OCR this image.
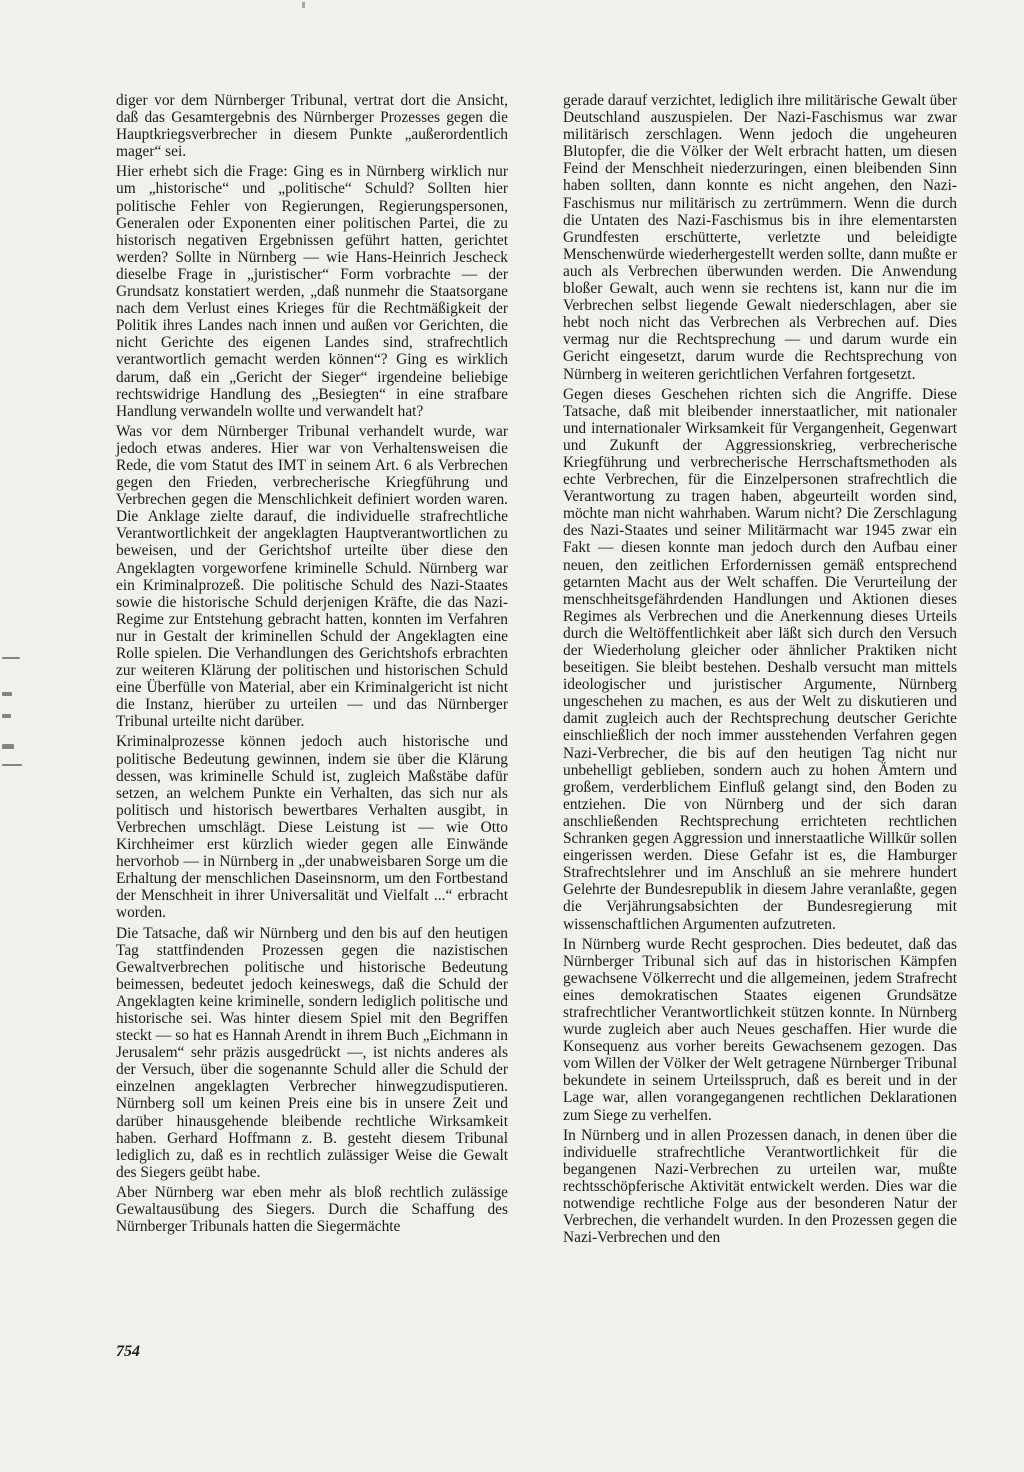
diger vor dem Nürnberger Tribunal, vertrat dort die Ansicht, daß das Gesamtergebnis des Nürnberger Prozesses gegen die Hauptkriegsverbrecher in diesem Punkte „außerordentlich mager“ sei.

Hier erhebt sich die Frage: Ging es in Nürnberg wirklich nur um „historische“ und „politische“ Schuld? Sollten hier politische Fehler von Regierungen, Regierungspersonen, Generalen oder Exponenten einer politischen Partei, die zu historisch negativen Ergebnissen geführt hatten, gerichtet werden? Sollte in Nürnberg — wie Hans-Heinrich Jescheck dieselbe Frage in „juristischer“ Form vorbrachte — der Grundsatz konstatiert werden, „daß nunmehr die Staatsorgane nach dem Verlust eines Krieges für die Rechtmäßigkeit der Politik ihres Landes nach innen und außen vor Gerichten, die nicht Gerichte des eigenen Landes sind, strafrechtlich verantwortlich gemacht werden können“? Ging es wirklich darum, daß ein „Gericht der Sieger“ irgendeine beliebige rechtswidrige Handlung des „Besiegten“ in eine strafbare Handlung verwandeln wollte und verwandelt hat?

Was vor dem Nürnberger Tribunal verhandelt wurde, war jedoch etwas anderes. Hier war von Verhaltensweisen die Rede, die vom Statut des IMT in seinem Art. 6 als Verbrechen gegen den Frieden, verbrecherische Kriegführung und Verbrechen gegen die Menschlichkeit definiert worden waren. Die Anklage zielte darauf, die individuelle strafrechtliche Verantwortlichkeit der angeklagten Hauptverantwortlichen zu beweisen, und der Gerichtshof urteilte über diese den Angeklagten vorgeworfene kriminelle Schuld. Nürnberg war ein Kriminalprozeß. Die politische Schuld des Nazi-Staates sowie die historische Schuld derjenigen Kräfte, die das Nazi-Regime zur Entstehung gebracht hatten, konnten im Verfahren nur in Gestalt der kriminellen Schuld der Angeklagten eine Rolle spielen. Die Verhandlungen des Gerichtshofs erbrachten zur weiteren Klärung der politischen und historischen Schuld eine Überfülle von Material, aber ein Kriminalgericht ist nicht die Instanz, hierüber zu urteilen — und das Nürnberger Tribunal urteilte nicht darüber.

Kriminalprozesse können jedoch auch historische und politische Bedeutung gewinnen, indem sie über die Klärung dessen, was kriminelle Schuld ist, zugleich Maßstäbe dafür setzen, an welchem Punkte ein Verhalten, das sich nur als politisch und historisch bewertbares Verhalten ausgibt, in Verbrechen umschlägt. Diese Leistung ist — wie Otto Kirchheimer erst kürzlich wieder gegen alle Einwände hervorhob — in Nürnberg in „der unabweisbaren Sorge um die Erhaltung der menschlichen Daseinsnorm, um den Fortbestand der Menschheit in ihrer Universalität und Vielfalt ...“ erbracht worden.

Die Tatsache, daß wir Nürnberg und den bis auf den heutigen Tag stattfindenden Prozessen gegen die nazistischen Gewaltverbrechen politische und historische Bedeutung beimessen, bedeutet jedoch keineswegs, daß die Schuld der Angeklagten keine kriminelle, sondern lediglich politische und historische sei. Was hinter diesem Spiel mit den Begriffen steckt — so hat es Hannah Arendt in ihrem Buch „Eichmann in Jerusalem“ sehr präzis ausgedrückt —, ist nichts anderes als der Versuch, über die sogenannte Schuld aller die Schuld der einzelnen angeklagten Verbrecher hinwegzudisputieren. Nürnberg soll um keinen Preis eine bis in unsere Zeit und darüber hinausgehende bleibende rechtliche Wirksamkeit haben. Gerhard Hoffmann z. B. gesteht diesem Tribunal lediglich zu, daß es in rechtlich zulässiger Weise die Gewalt des Siegers geübt habe.

Aber Nürnberg war eben mehr als bloß rechtlich zulässige Gewaltausübung des Siegers. Durch die Schaffung des Nürnberger Tribunals hatten die Siegermächte

gerade darauf verzichtet, lediglich ihre militärische Gewalt über Deutschland auszuspielen. Der Nazi-Faschismus war zwar militärisch zerschlagen. Wenn jedoch die ungeheuren Blutopfer, die die Völker der Welt erbracht hatten, um diesen Feind der Menschheit niederzuringen, einen bleibenden Sinn haben sollten, dann konnte es nicht angehen, den Nazi-Faschismus nur militärisch zu zertrümmern. Wenn die durch die Untaten des Nazi-Faschismus bis in ihre elementarsten Grundfesten erschütterte, verletzte und beleidigte Menschenwürde wiederhergestellt werden sollte, dann mußte er auch als Verbrechen überwunden werden. Die Anwendung bloßer Gewalt, auch wenn sie rechtens ist, kann nur die im Verbrechen selbst liegende Gewalt niederschlagen, aber sie hebt noch nicht das Verbrechen als Verbrechen auf. Dies vermag nur die Rechtsprechung — und darum wurde ein Gericht eingesetzt, darum wurde die Rechtsprechung von Nürnberg in weiteren gerichtlichen Verfahren fortgesetzt.

Gegen dieses Geschehen richten sich die Angriffe. Diese Tatsache, daß mit bleibender innerstaatlicher, mit nationaler und internationaler Wirksamkeit für Vergangenheit, Gegenwart und Zukunft der Aggressionskrieg, verbrecherische Kriegführung und verbrecherische Herrschaftsmethoden als echte Verbrechen, für die Einzelpersonen strafrechtlich die Verantwortung zu tragen haben, abgeurteilt worden sind, möchte man nicht wahrhaben. Warum nicht? Die Zerschlagung des Nazi-Staates und seiner Militärmacht war 1945 zwar ein Fakt — diesen konnte man jedoch durch den Aufbau einer neuen, den zeitlichen Erfordernissen gemäß entsprechend getarnten Macht aus der Welt schaffen. Die Verurteilung der menschheitsgefährdenden Handlungen und Aktionen dieses Regimes als Verbrechen und die Anerkennung dieses Urteils durch die Weltöffentlichkeit aber läßt sich durch den Versuch der Wiederholung gleicher oder ähnlicher Praktiken nicht beseitigen. Sie bleibt bestehen. Deshalb versucht man mittels ideologischer und juristischer Argumente, Nürnberg ungeschehen zu machen, es aus der Welt zu diskutieren und damit zugleich auch der Rechtsprechung deutscher Gerichte einschließlich der noch immer ausstehenden Verfahren gegen Nazi-Verbrecher, die bis auf den heutigen Tag nicht nur unbehelligt geblieben, sondern auch zu hohen Ämtern und großem, verderblichem Einfluß gelangt sind, den Boden zu entziehen. Die von Nürnberg und der sich daran anschließenden Rechtsprechung errichteten rechtlichen Schranken gegen Aggression und innerstaatliche Willkür sollen eingerissen werden. Diese Gefahr ist es, die Hamburger Strafrechtslehrer und im Anschluß an sie mehrere hundert Gelehrte der Bundesrepublik in diesem Jahre veranlaßte, gegen die Verjährungsabsichten der Bundesregierung mit wissenschaftlichen Argumenten aufzutreten.

In Nürnberg wurde Recht gesprochen. Dies bedeutet, daß das Nürnberger Tribunal sich auf das in historischen Kämpfen gewachsene Völkerrecht und die allgemeinen, jedem Strafrecht eines demokratischen Staates eigenen Grundsätze strafrechtlicher Verantwortlichkeit stützen konnte. In Nürnberg wurde zugleich aber auch Neues geschaffen. Hier wurde die Konsequenz aus vorher bereits Gewachsenem gezogen. Das vom Willen der Völker der Welt getragene Nürnberger Tribunal bekundete in seinem Urteilsspruch, daß es bereit und in der Lage war, allen vorangegangenen rechtlichen Deklarationen zum Siege zu verhelfen.

In Nürnberg und in allen Prozessen danach, in denen über die individuelle strafrechtliche Verantwortlichkeit für die begangenen Nazi-Verbrechen zu urteilen war, mußte rechtsschöpferische Aktivität entwickelt werden. Dies war die notwendige rechtliche Folge aus der besonderen Natur der Verbrechen, die verhandelt wurden. In den Prozessen gegen die Nazi-Verbrechen und den

754
